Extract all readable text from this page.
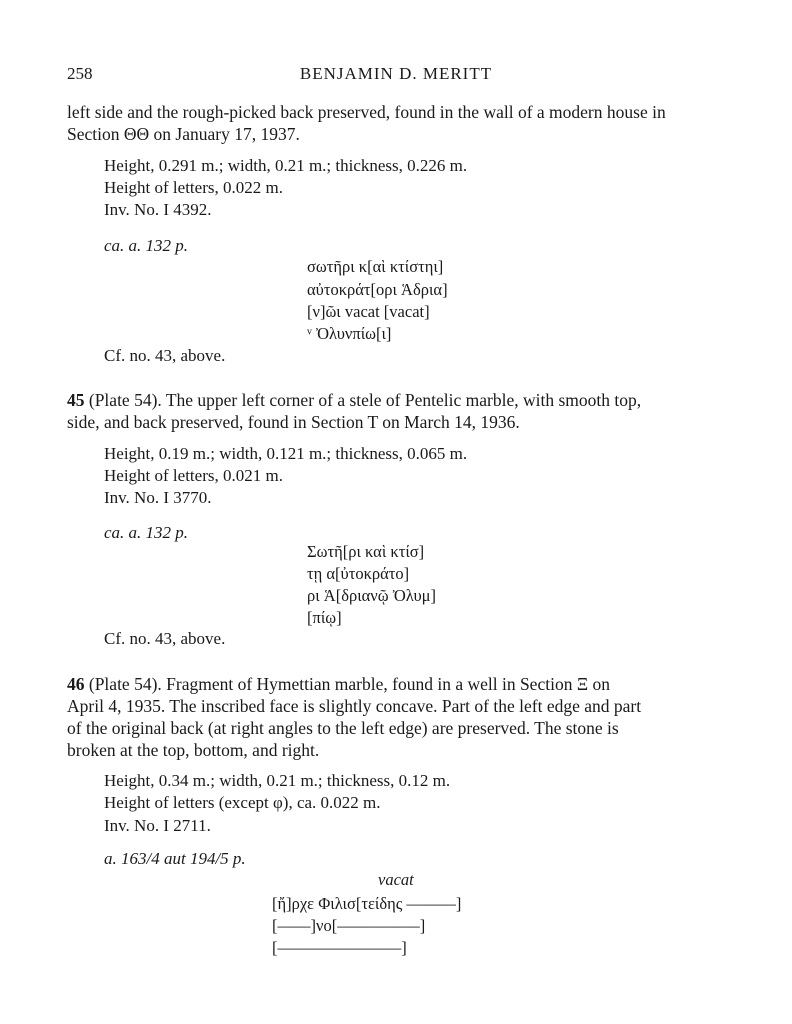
258	BENJAMIN D. MERITT
left side and the rough-picked back preserved, found in the wall of a modern house in
Section ΘΘ on January 17, 1937.
Height, 0.291 m.; width, 0.21 m.; thickness, 0.226 m.
Height of letters, 0.022 m.
Inv. No. I 4392.
ca. a. 132 p.
σωτῆρι κ[αὶ κτίστηι]
αὐτοκράτ[ορι Ἁδρια]
[ν]ῶι vacat [vacat]
ᵛ Ὀλυνπίω[ι]
Cf. no. 43, above.
45 (Plate 54). The upper left corner of a stele of Pentelic marble, with smooth top,
side, and back preserved, found in Section T on March 14, 1936.
Height, 0.19 m.; width, 0.121 m.; thickness, 0.065 m.
Height of letters, 0.021 m.
Inv. No. I 3770.
ca. a. 132 p.
Σωτῆ[ρι καὶ κτίσ]
τῃ α[ὐτοκράτο]
ρι Ἁ[δριανῷ Ὀλυμ]
[πίῳ]
Cf. no. 43, above.
46 (Plate 54). Fragment of Hymettian marble, found in a well in Section Ξ on
April 4, 1935. The inscribed face is slightly concave. Part of the left edge and part
of the original back (at right angles to the left edge) are preserved. The stone is
broken at the top, bottom, and right.
Height, 0.34 m.; width, 0.21 m.; thickness, 0.12 m.
Height of letters (except φ), ca. 0.022 m.
Inv. No. I 2711.
a. 163/4 aut 194/5 p.
vacat
[ἤ]ρχε Φιλισ[τείδης ––––––]
[––––]νο[––––––––––]
[–––––––––––––––]
